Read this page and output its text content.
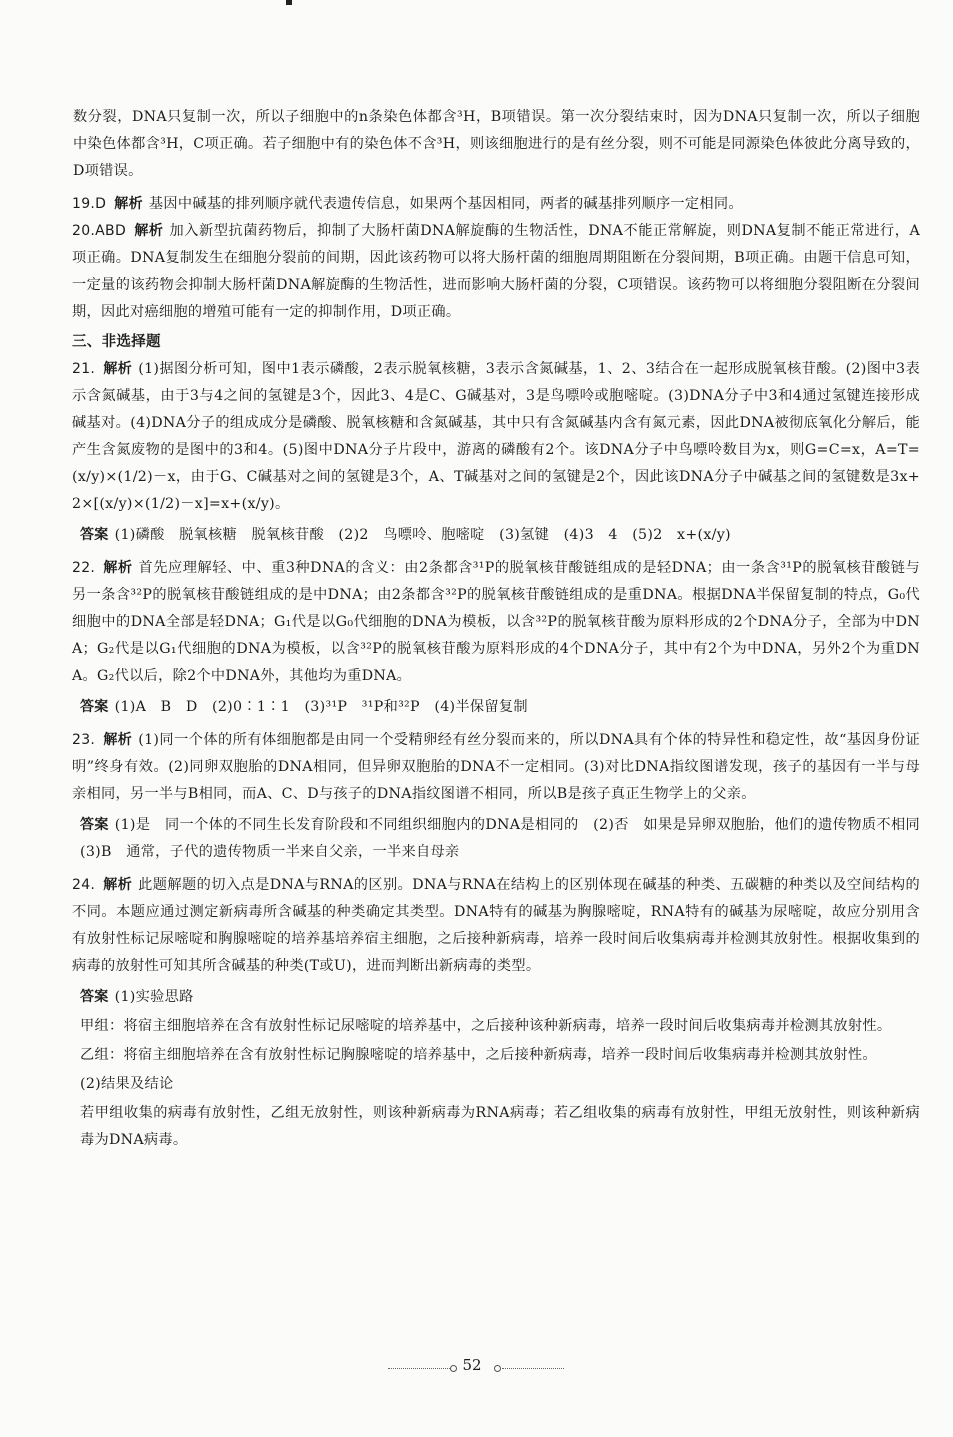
数分裂，DNA只复制一次，所以子细胞中的n条染色体都含³H，B项错误。第一次分裂结束时，因为DNA只复制一次，所以子细胞中染色体都含³H，C项正确。若子细胞中有的染色体不含³H，则该细胞进行的是有丝分裂，则不可能是同源染色体彼此分离导致的，D项错误。

19.D 解析 基因中碱基的排列顺序就代表遗传信息，如果两个基因相同，两者的碱基排列顺序一定相同。

20.ABD 解析 加入新型抗菌药物后，抑制了大肠杆菌DNA解旋酶的生物活性，DNA不能正常解旋，则DNA复制不能正常进行，A项正确。DNA复制发生在细胞分裂前的间期，因此该药物可以将大肠杆菌的细胞周期阻断在分裂间期，B项正确。由题干信息可知，一定量的该药物会抑制大肠杆菌DNA解旋酶的生物活性，进而影响大肠杆菌的分裂，C项错误。该药物可以将细胞分裂阻断在分裂间期，因此对癌细胞的增殖可能有一定的抑制作用，D项正确。

三、非选择题

21. 解析 (1)据图分析可知，图中1表示磷酸，2表示脱氧核糖，3表示含氮碱基，1、2、3结合在一起形成脱氧核苷酸。(2)图中3表示含氮碱基，由于3与4之间的氢键是3个，因此3、4是C、G碱基对，3是鸟嘌呤或胞嘧啶。(3)DNA分子中3和4通过氢键连接形成碱基对。(4)DNA分子的组成成分是磷酸、脱氧核糖和含氮碱基，其中只有含氮碱基内含有氮元素，因此DNA被彻底氧化分解后，能产生含氮废物的是图中的3和4。(5)图中DNA分子片段中，游离的磷酸有2个。该DNA分子中鸟嘌呤数目为x，则G=C=x，A=T=(x/y)×(1/2)－x，由于G、C碱基对之间的氢键是3个，A、T碱基对之间的氢键是2个，因此该DNA分子中碱基之间的氢键数是3x+2×[(x/y)×(1/2)－x]=x+(x/y)。

答案 (1)磷酸　脱氧核糖　脱氧核苷酸　(2)2　鸟嘌呤、胞嘧啶　(3)氢键　(4)3　4　(5)2　x+(x/y)

22. 解析 首先应理解轻、中、重3种DNA的含义：由2条都含³¹P的脱氧核苷酸链组成的是轻DNA；由一条含³¹P的脱氧核苷酸链与另一条含³²P的脱氧核苷酸链组成的是中DNA；由2条都含³²P的脱氧核苷酸链组成的是重DNA。根据DNA半保留复制的特点，G₀代细胞中的DNA全部是轻DNA；G₁代是以G₀代细胞的DNA为模板，以含³²P的脱氧核苷酸为原料形成的2个DNA分子，全部为中DNA；G₂代是以G₁代细胞的DNA为模板，以含³²P的脱氧核苷酸为原料形成的4个DNA分子，其中有2个为中DNA，另外2个为重DNA。G₂代以后，除2个中DNA外，其他均为重DNA。

答案 (1)A　B　D　(2)0∶1∶1　(3)³¹P　³¹P和³²P　(4)半保留复制

23. 解析 (1)同一个体的所有体细胞都是由同一个受精卵经有丝分裂而来的，所以DNA具有个体的特异性和稳定性，故“基因身份证明”终身有效。(2)同卵双胞胎的DNA相同，但异卵双胞胎的DNA不一定相同。(3)对比DNA指纹图谱发现，孩子的基因有一半与母亲相同，另一半与B相同，而A、C、D与孩子的DNA指纹图谱不相同，所以B是孩子真正生物学上的父亲。

答案 (1)是　同一个体的不同生长发育阶段和不同组织细胞内的DNA是相同的　(2)否　如果是异卵双胞胎，他们的遗传物质不相同　(3)B　通常，子代的遗传物质一半来自父亲，一半来自母亲

24. 解析 此题解题的切入点是DNA与RNA的区别。DNA与RNA在结构上的区别体现在碱基的种类、五碳糖的种类以及空间结构的不同。本题应通过测定新病毒所含碱基的种类确定其类型。DNA特有的碱基为胸腺嘧啶，RNA特有的碱基为尿嘧啶，故应分别用含有放射性标记尿嘧啶和胸腺嘧啶的培养基培养宿主细胞，之后接种新病毒，培养一段时间后收集病毒并检测其放射性。根据收集到的病毒的放射性可知其所含碱基的种类(T或U)，进而判断出新病毒的类型。

答案 (1)实验思路

甲组：将宿主细胞培养在含有放射性标记尿嘧啶的培养基中，之后接种该种新病毒，培养一段时间后收集病毒并检测其放射性。

乙组：将宿主细胞培养在含有放射性标记胸腺嘧啶的培养基中，之后接种新病毒，培养一段时间后收集病毒并检测其放射性。

(2)结果及结论

若甲组收集的病毒有放射性，乙组无放射性，则该种新病毒为RNA病毒；若乙组收集的病毒有放射性，甲组无放射性，则该种新病毒为DNA病毒。

52
